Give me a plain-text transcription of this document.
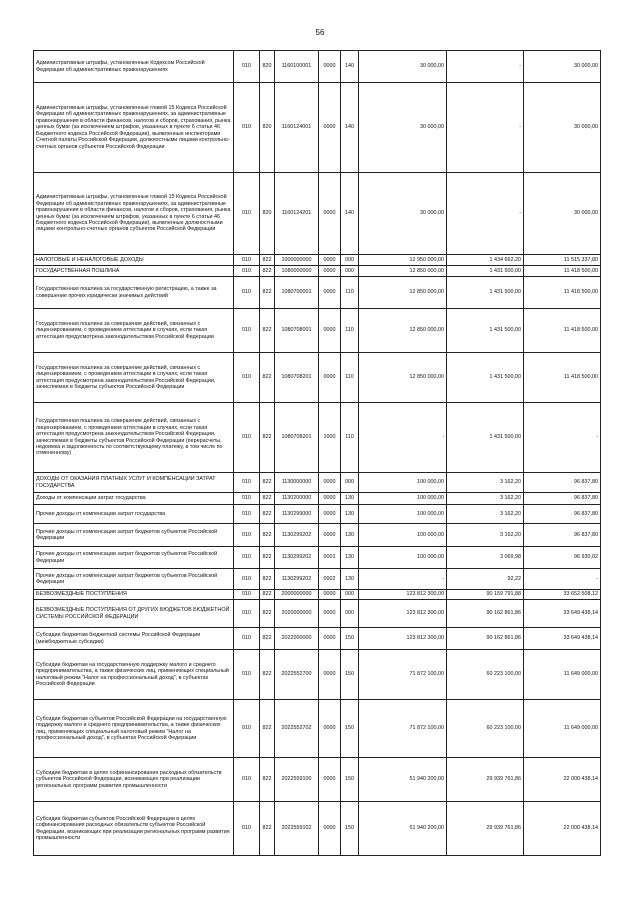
56
Административные штрафы, установленные Кодексом Российской Федерации об административных правонарушениях	010	820	1160100001	0000	140	30 000,00	-	30 000,00
Административные штрафы, установленные главой 15 Кодекса Российской Федерации об административных правонарушениях, за административные правонарушения в области финансов, налогов и сборов, страхования, рынка ценных бумаг (за исключением штрафов, указанных в пункте 6 статьи 46 Бюджетного кодекса Российской Федерации), выявленные инспекторами Счетной палаты Российской Федерации, должностными лицами контрольно-счетных органов субъектов Российской Федерации	010	820	1160124001	0000	140	30 000,00	-	30 000,00
Административные штрафы, установленные главой 15 Кодекса Российской Федерации об административных правонарушениях, за административные правонарушения в области финансов, налогов и сборов, страхования, рынка ценных бумаг (за исключением штрафов, указанных в пункте 6 статьи 46 Бюджетного кодекса Российской Федерации), выявленные должностными лицами контрольно-счетных органов субъектов Российской Федерации	010	820	1160124201	0000	140	30 000,00	-	30 000,00
НАЛОГОВЫЕ И НЕНАЛОГОВЫЕ ДОХОДЫ	010	822	1000000000	0000	000	12 950 000,00	1 434 662,20	11 515 337,80
ГОСУДАРСТВЕННАЯ ПОШЛИНА	010	822	1080000000	0000	000	12 850 000,00	1 431 500,00	11 418 500,00
Государственная пошлина за государственную регистрацию, а также за совершение прочих юридически значимых действий	010	822	1080700001	0000	110	12 850 000,00	1 431 500,00	11 418 500,00
Государственная пошлина за совершение действий, связанных с лицензированием, с проведением аттестации в случаях, если такая аттестация предусмотрена законодательством Российской Федерации	010	822	1080708001	0000	110	12 850 000,00	1 431 500,00	11 418 500,00
Государственная пошлина за совершение действий, связанных с лицензированием, с проведением аттестации в случаях, если такая аттестация предусмотрена законодательством Российской Федерации, зачисляемая в бюджеты субъектов Российской Федерации	010	822	1080708201	0000	110	12 850 000,00	1 431 500,00	11 418 500,00
Государственная пошлина за совершение действий, связанных с лицензированием, с проведением аттестации в случаях, если такая аттестация предусмотрена законодательством Российской Федерации, зачисляемая в бюджеты субъектов Российской Федерации (перерасчеты, недоимка и задолженность по соответствующему платежу, в том числе по отмененному)	010	822	1080708201	1000	110	-	1 431 500,00	-
ДОХОДЫ ОТ ОКАЗАНИЯ ПЛАТНЫХ УСЛУГ И КОМПЕНСАЦИИ ЗАТРАТ ГОСУДАРСТВА	010	822	1130000000	0000	000	100 000,00	3 162,20	96 837,80
Доходы от компенсации затрат государства	010	822	1130200000	0000	130	100 000,00	3 162,20	96 837,80
Прочие доходы от компенсации затрат государства	010	822	1130299000	0000	130	100 000,00	3 162,20	96 837,80
Прочие доходы от компенсации затрат бюджетов субъектов Российской Федерации	010	822	1130299202	0000	130	100 000,00	3 162,20	96 837,80
Прочие доходы от компенсации затрат бюджетов субъектов Российской Федерации	010	822	1130299202	0001	130	100 000,00	3 069,98	96 930,02
Прочие доходы от компенсации затрат бюджетов субъектов Российской Федерации	010	822	1130299202	0002	130	-	92,22	-
БЕЗВОЗМЕЗДНЫЕ ПОСТУПЛЕНИЯ	010	822	2000000000	0000	000	123 812 300,00	90 159 791,88	33 652 508,12
БЕЗВОЗМЕЗДНЫЕ ПОСТУПЛЕНИЯ ОТ ДРУГИХ БЮДЖЕТОВ БЮДЖЕТНОЙ СИСТЕМЫ РОССИЙСКОЙ ФЕДЕРАЦИИ	010	822	2020000000	0000	000	123 812 300,00	90 162 861,86	33 649 438,14
Субсидии бюджетам бюджетной системы Российской Федерации (межбюджетные субсидии)	010	822	2022000000	0000	150	123 812 300,00	90 162 861,86	33 649 438,14
Субсидии бюджетам на государственную поддержку малого и среднего предпринимательства, а также физических лиц, применяющих специальный налоговый режим "Налог на профессиональный доход", в субъектах Российской Федерации	010	822	2022552700	0000	150	71 872 100,00	60 223 100,00	11 649 000,00
Субсидии бюджетам субъектов Российской Федерации на государственную поддержку малого и среднего предпринимательства, а также физических лиц, применяющих специальный налоговый режим "Налог на профессиональный доход", в субъектах Российской Федерации	010	822	2022552702	0000	150	71 872 100,00	60 223 100,00	11 649 000,00
Субсидии бюджетам в целях софинансирования расходных обязательств субъектов Российской Федерации, возникающих при реализации региональных программ развития промышленности	010	822	2022559100	0000	150	51 940 200,00	29 939 761,86	22 000 438,14
Субсидии бюджетам субъектов Российской Федерации в целях софинансирования расходных обязательств субъектов Российской Федерации, возникающих при реализации региональных программ развития промышленности	010	822	2022559102	0000	150	51 940 200,00	29 939 761,86	22 000 438,14
